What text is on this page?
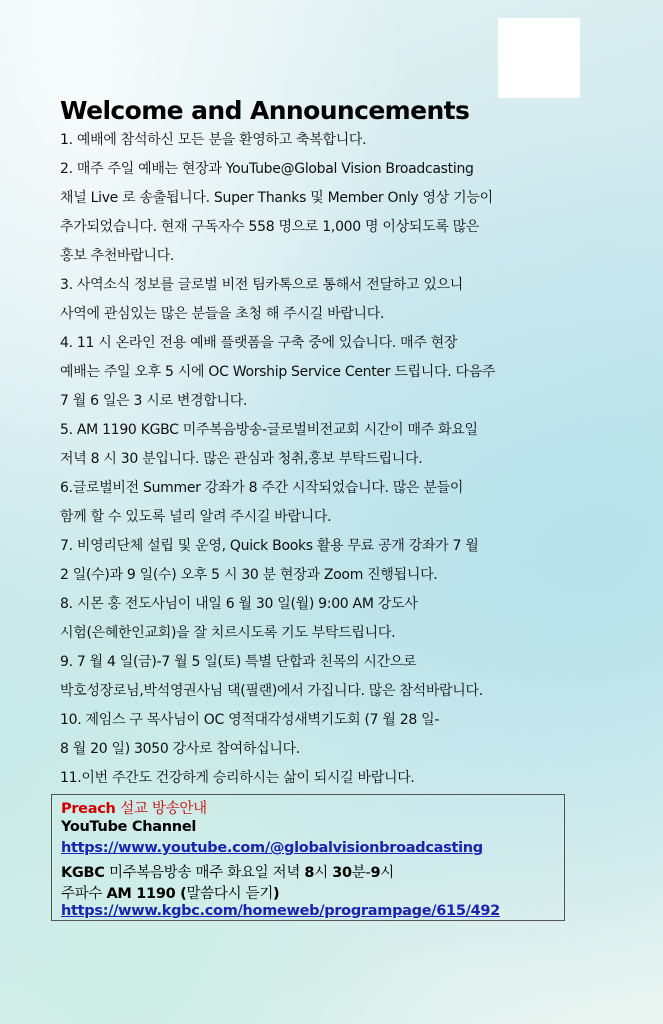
Welcome and Announcements
1. 예배에 참석하신 모든 분을 환영하고 축복합니다.
2. 매주 주일 예배는 현장과 YouTube@Global Vision Broadcasting
채널 Live 로 송출됩니다. Super Thanks 및 Member Only 영상 기능이
추가되었습니다. 현재 구독자수 558 명으로 1,000 명 이상되도록 많은
홍보 추천바랍니다.
3. 사역소식 정보를 글로벌 비전 팀카톡으로 통해서 전달하고 있으니
사역에 관심있는 많은 분들을 초청 해 주시길 바랍니다.
4. 11 시 온라인 전용 예배 플랫폼을 구축 중에 있습니다. 매주 현장
예배는 주일 오후 5 시에 OC Worship Service Center 드립니다. 다음주
7 월 6 일은 3 시로 변경합니다.
5. AM 1190 KGBC 미주복음방송-글로벌비전교회 시간이 매주 화요일
저녁 8 시 30 분입니다. 많은 관심과 청취,홍보 부탁드립니다.
6.글로벌비전 Summer 강좌가 8 주간 시작되었습니다. 많은 분들이
함께 할 수 있도록 널리 알려 주시길 바랍니다.
7. 비영리단체 설립 및 운영, Quick Books 활용 무료 공개 강좌가 7 월
2 일(수)과 9 일(수) 오후 5 시 30 분 현장과 Zoom 진행됩니다.
8. 시몬 홍 전도사님이 내일 6 월 30 일(월) 9:00 AM 강도사
시험(은혜한인교회)을 잘 치르시도록 기도 부탁드립니다.
9. 7 월 4 일(금)-7 월 5 일(토) 특별 단합과 친목의 시간으로
박호성장로님,박석영권사님 댁(필랜)에서 가집니다. 많은 참석바랍니다.
10. 제임스 구 목사님이 OC 영적대각성새벽기도회 (7 월 28 일-
8 월 20 일) 3050 강사로 참여하십니다.
11.이번 주간도 건강하게 승리하시는 삶이 되시길 바랍니다.
Preach 설교 방송안내
YouTube Channel
https://www.youtube.com/@globalvisionbroadcasting
KGBC 미주복음방송 매주 화요일 저녁 8시 30분-9시
주파수 AM 1190 (말씀다시 듣기)
https://www.kgbc.com/homeweb/programpage/615/492
